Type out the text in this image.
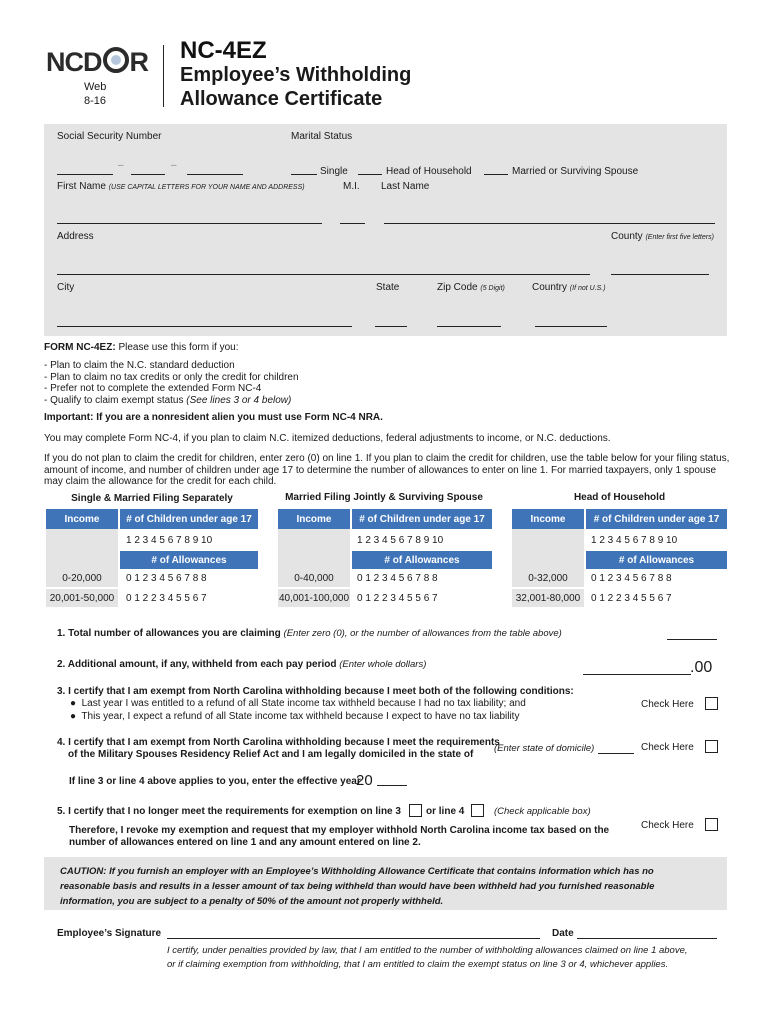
NCD R
Web
8-16
NC-4EZ
Employee’s Withholding
Allowance Certificate
Social Security Number	Marital Status
–	–
Single	Head of Household	Married or Surviving Spouse
First Name (USE CAPITAL LETTERS FOR YOUR NAME AND ADDRESS)	M.I. Last Name
Address	County (Enter first five letters)
City	State	Zip Code (5 Digit)	Country (If not U.S.)
FORM NC-4EZ: Please use this form if you:
- Plan to claim the N.C. standard deduction
- Plan to claim no tax credits or only the credit for children
- Prefer not to complete the extended Form NC-4
- Qualify to claim exempt status (See lines 3 or 4 below)
Important: If you are a nonresident alien you must use Form NC-4 NRA.
You may complete Form NC-4, if you plan to claim N.C. itemized deductions, federal adjustments to income, or N.C. deductions.
If you do not plan to claim the credit for children, enter zero (0) on line 1. If you plan to claim the credit for children, use the table below for your filing status,
amount of income, and number of children under age 17 to determine the number of allowances to enter on line 1. For married taxpayers, only 1 spouse
may claim the allowance for the credit for each child.
Single & Married Filing Separately	Married Filing Jointly & Surviving Spouse	Head of Household
Income	# of Children under age 17
1 2 3 4 5 6 7 8 9 10
# of Allowances
0-20,000	0 1 2 3 4 5 6 7 8 8
20,001-50,000	0 1 2 2 3 4 5 5 6 7
Income	# of Children under age 17
1 2 3 4 5 6 7 8 9 10
# of Allowances
0-40,000	0 1 2 3 4 5 6 7 8 8
40,001-100,000 0 1 2 2 3 4 5 5 6 7
Income	# of Children under age 17
1 2 3 4 5 6 7 8 9 10
# of Allowances
0-32,000	0 1 2 3 4 5 6 7 8 8
32,001-80,000	0 1 2 2 3 4 5 5 6 7
1. Total number of allowances you are claiming (Enter zero (0), or the number of allowances from the table above)
2. Additional amount, if any, withheld from each pay period (Enter whole dollars)	.00
3. I certify that I am exempt from North Carolina withholding because I meet both of the following conditions:
●  Last year I was entitled to a refund of all State income tax withheld because I had no tax liability; and
●  This year, I expect a refund of all State income tax withheld because I expect to have no tax liability
Check Here
4. I certify that I am exempt from North Carolina withholding because I meet the requirements
of the Military Spouses Residency Relief Act and I am legally domiciled in the state of
(Enter state of domicile)	Check Here
If line 3 or line 4 above applies to you, enter the effective year
20
5. I certify that I no longer meet the requirements for exemption on line 3	or line 4	(Check applicable box)
Therefore, I revoke my exemption and request that my employer withhold North Carolina income tax based on the
number of allowances entered on line 1 and any amount entered on line 2.
Check Here
CAUTION: If you furnish an employer with an Employee’s Withholding Allowance Certificate that contains information which has no
reasonable basis and results in a lesser amount of tax being withheld than would have been withheld had you furnished reasonable
information, you are subject to a penalty of 50% of the amount not properly withheld.
Employee’s Signature	Date
I certify, under penalties provided by law, that I am entitled to the number of withholding allowances claimed on line 1 above,
or if claiming exemption from withholding, that I am entitled to claim the exempt status on line 3 or 4, whichever applies.
